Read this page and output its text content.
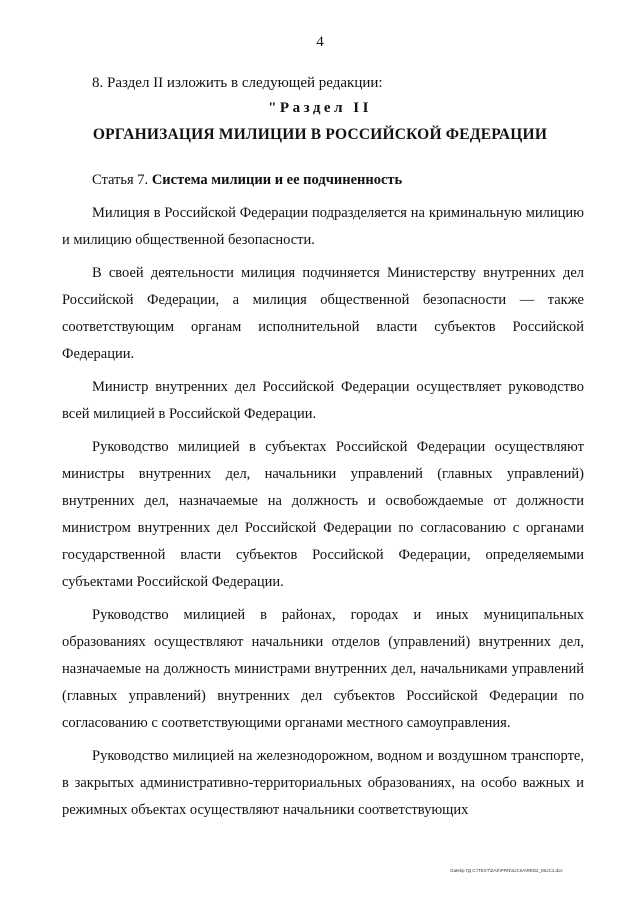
4
8. Раздел II изложить в следующей редакции:
"Раздел II
ОРГАНИЗАЦИЯ МИЛИЦИИ В РОССИЙСКОЙ ФЕДЕРАЦИИ
Статья 7. Система милиции и ее подчиненность

Милиция в Российской Федерации подразделяется на криминальную милицию и милицию общественной безопасности.

В своей деятельности милиция подчиняется Министерству внутренних дел Российской Федерации, а милиция общественной безопасности — также соответствующим органам исполнительной власти субъектов Российской Федерации.

Министр внутренних дел Российской Федерации осуществляет руководство всей милицией в Российской Федерации.

Руководство милицией в субъектах Российской Федерации осуществляют министры внутренних дел, начальники управлений (главных управлений) внутренних дел, назначаемые на должность и освобождаемые от должности министром внутренних дел Российской Федерации по согласованию с органами государственной власти субъектов Российской Федерации, определяемыми субъектами Российской Федерации.

Руководство милицией в районах, городах и иных муниципальных образованиях осуществляют начальники отделов (управлений) внутренних дел, назначаемые на должность министрами внутренних дел, начальниками управлений (главных управлений) внутренних дел субъектов Российской Федерации по согласованию с соответствующими органами местного самоуправления.

Руководство милицией на железнодорожном, водном и воздушном транспорте, в закрытых административно-территориальных образованиях, на особо важных и режимных объектах осуществляют начальники соответствующих

Gatekp ГД C:\TEXT\ZAK\PRN\ILICIIA\RED2_MLIC1.doc
